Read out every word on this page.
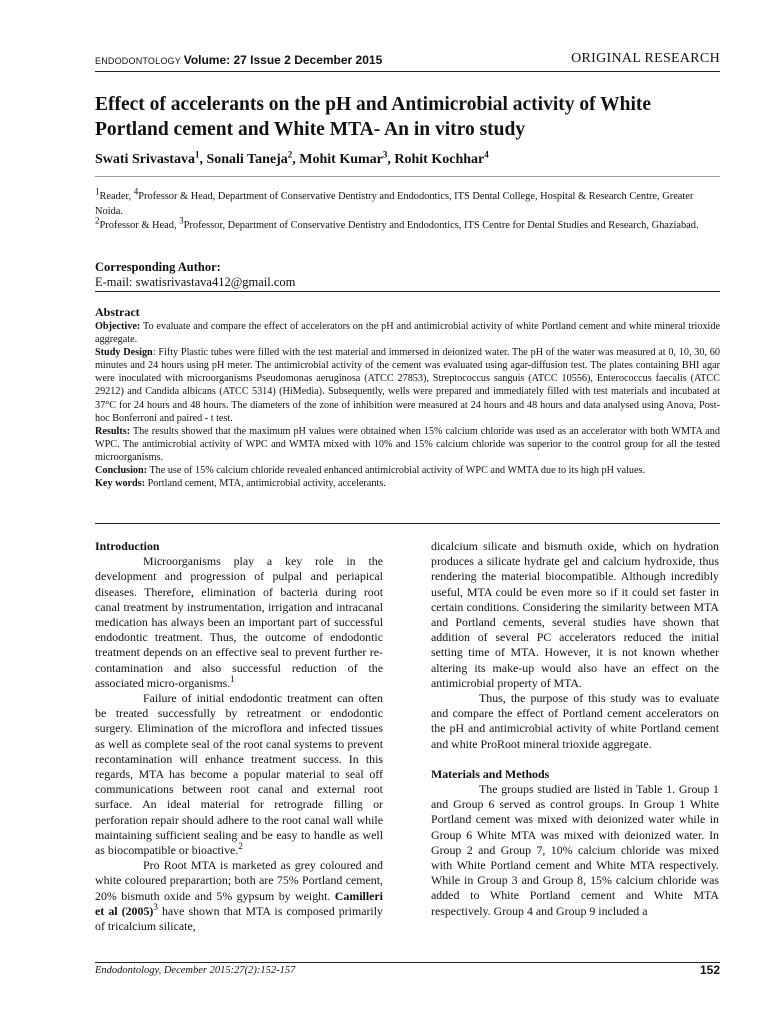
ENDODONTOLOGY Volume: 27 Issue 2 December 2015	ORIGINAL RESEARCH
Effect of accelerants on the pH and Antimicrobial activity of White Portland cement and White MTA- An in vitro study
Swati Srivastava$^1$, Sonali Taneja$^2$, Mohit Kumar$^3$, Rohit Kochhar$^4$

$^1$Reader, $^4$Professor & Head, Department of Conservative Dentistry and Endodontics, ITS Dental College, Hospital & Research Centre, Greater Noida.

$^2$Professor & Head, $^3$Professor, Department of Conservative Dentistry and Endodontics, ITS Centre for Dental Studies and Research, Ghaziabad.

Corresponding Author:
E-mail: swatisrivastava412@gmail.com
Abstract

Objective: To evaluate and compare the effect of accelerators on the pH and antimicrobial activity of white Portland cement and white mineral trioxide aggregate.

Study Design: Fifty Plastic tubes were filled with the test material and immersed in deionized water. The pH of the water was measured at 0, 10, 30, 60 minutes and 24 hours using pH meter. The antimicrobial activity of the cement was evaluated using agar-diffusion test. The plates containing BHI agar were inoculated with microorganisms Pseudomonas aeruginosa (ATCC 27853), Streptococcus sanguis (ATCC 10556), Enterococcus faecalis (ATCC 29212) and Candida albicans (ATCC 5314) (HiMedia). Subsequently, wells were prepared and immediately filled with test materials and incubated at 37°C for 24 hours and 48 hours. The diameters of the zone of inhibition were measured at 24 hours and 48 hours and data analysed using Anova, Post-hoc Bonferroni and paired - t test.

Results: The results showed that the maximum pH values were obtained when 15% calcium chloride was used as an accelerator with both WMTA and WPC. The antimicrobial activity of WPC and WMTA mixed with 10% and 15% calcium chloride was superior to the control group for all the tested microorganisms.

Conclusion: The use of 15% calcium chloride revealed enhanced antimicrobial activity of WPC and WMTA due to its high pH values.

Key words: Portland cement, MTA, antimicrobial activity, accelerants.

Introduction

Microorganisms play a key role in the development and progression of pulpal and periapical diseases. Therefore, elimination of bacteria during root canal treatment by instrumentation, irrigation and intracanal medication has always been an important part of successful endodontic treatment. Thus, the outcome of endodontic treatment depends on an effective seal to prevent further re-contamination and also successful reduction of the associated micro-organisms.$^1$

Failure of initial endodontic treatment can often be treated successfully by retreatment or endodontic surgery. Elimination of the microflora and infected tissues as well as complete seal of the root canal systems to prevent recontamination will enhance treatment success. In this regards, MTA has become a popular material to seal off communications between root canal and external root surface. An ideal material for retrograde filling or perforation repair should adhere to the root canal wall while maintaining sufficient sealing and be easy to handle as well as biocompatible or bioactive.$^2$

Pro Root MTA is marketed as grey coloured and white coloured preparartion; both are 75% Portland cement, 20% bismuth oxide and 5% gypsum by weight. Camilleri et al $(2005)^3$ have shown that MTA is composed primarily of tricalcium silicate,

dicalcium silicate and bismuth oxide, which on hydration produces a silicate hydrate gel and calcium hydroxide, thus rendering the material biocompatible. Although incredibly useful, MTA could be even more so if it could set faster in certain conditions. Considering the similarity between MTA and Portland cements, several studies have shown that addition of several PC accelerators reduced the initial setting time of MTA. However, it is not known whether altering its make-up would also have an effect on the antimicrobial property of MTA.

Thus, the purpose of this study was to evaluate and compare the effect of Portland cement accelerators on the pH and antimicrobial activity of white Portland cement and white ProRoot mineral trioxide aggregate.

Materials and Methods

The groups studied are listed in Table 1. Group 1 and Group 6 served as control groups. In Group 1 White Portland cement was mixed with deionized water while in Group 6 White MTA was mixed with deionized water. In Group 2 and Group 7, 10% calcium chloride was mixed with White Portland cement and White MTA respectively. While in Group 3 and Group 8, 15% calcium chloride was added to White Portland cement and White MTA respectively. Group 4 and Group 9 included a

Endodontology, December 2015:27(2):152-157	152
